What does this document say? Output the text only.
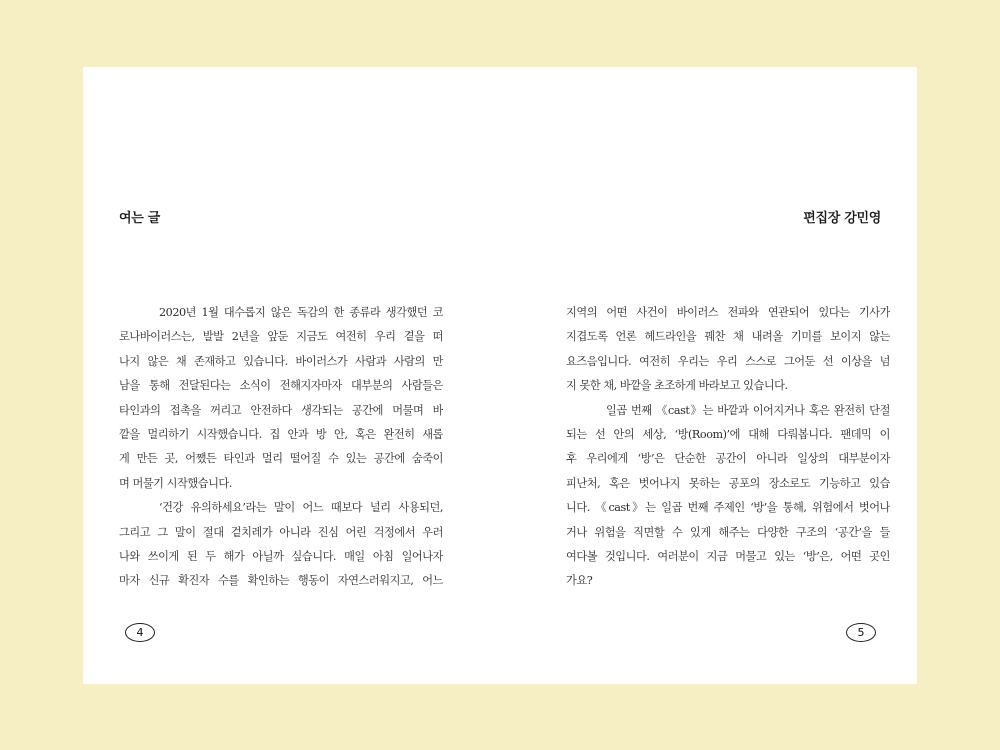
여는 글	편집장 강민영
2020년 1월 대수롭지 않은 독감의 한 종류라 생각했던 코
로나바이러스는, 발발 2년을 앞둔 지금도 여전히 우리 곁을 떠
나지 않은 채 존재하고 있습니다. 바이러스가 사람과 사람의 만
남을 통해 전달된다는 소식이 전해지자마자 대부분의 사람들은
타인과의 접촉을 꺼리고 안전하다 생각되는 공간에 머물며 바
깥을 멀리하기 시작했습니다. 집 안과 방 안, 혹은 완전히 새롭
게 만든 곳, 어쨌든 타인과 멀리 떨어질 수 있는 공간에 숨죽이
며 머물기 시작했습니다.
‘건강 유의하세요’라는 말이 어느 때보다 널리 사용되던,
그리고 그 말이 절대 겉치레가 아니라 진심 어린 걱정에서 우러
나와 쓰이게 된 두 해가 아닐까 싶습니다. 매일 아침 일어나자
마자 신규 확진자 수를 확인하는 행동이 자연스러워지고, 어느
지역의 어떤 사건이 바이러스 전파와 연관되어 있다는 기사가
지겹도록 언론 헤드라인을 꿰찬 채 내려올 기미를 보이지 않는
요즈음입니다. 여전히 우리는 우리 스스로 그어둔 선 이상을 넘
지 못한 채, 바깥을 초조하게 바라보고 있습니다.
일곱 번째 《cast》는 바깥과 이어지거나 혹은 완전히 단절
되는 선 안의 세상, ‘방(Room)’에 대해 다뤄봅니다. 팬데믹 이
후 우리에게 ‘방’은 단순한 공간이 아니라 일상의 대부분이자
피난처, 혹은 벗어나지 못하는 공포의 장소로도 기능하고 있습
니다. 《cast》는 일곱 번째 주제인 ‘방’을 통해, 위험에서 벗어나
거나 위험을 직면할 수 있게 해주는 다양한 구조의 ‘공간’을 들
여다볼 것입니다. 여러분이 지금 머물고 있는 ‘방’은, 어떤 곳인
가요?
4	5
